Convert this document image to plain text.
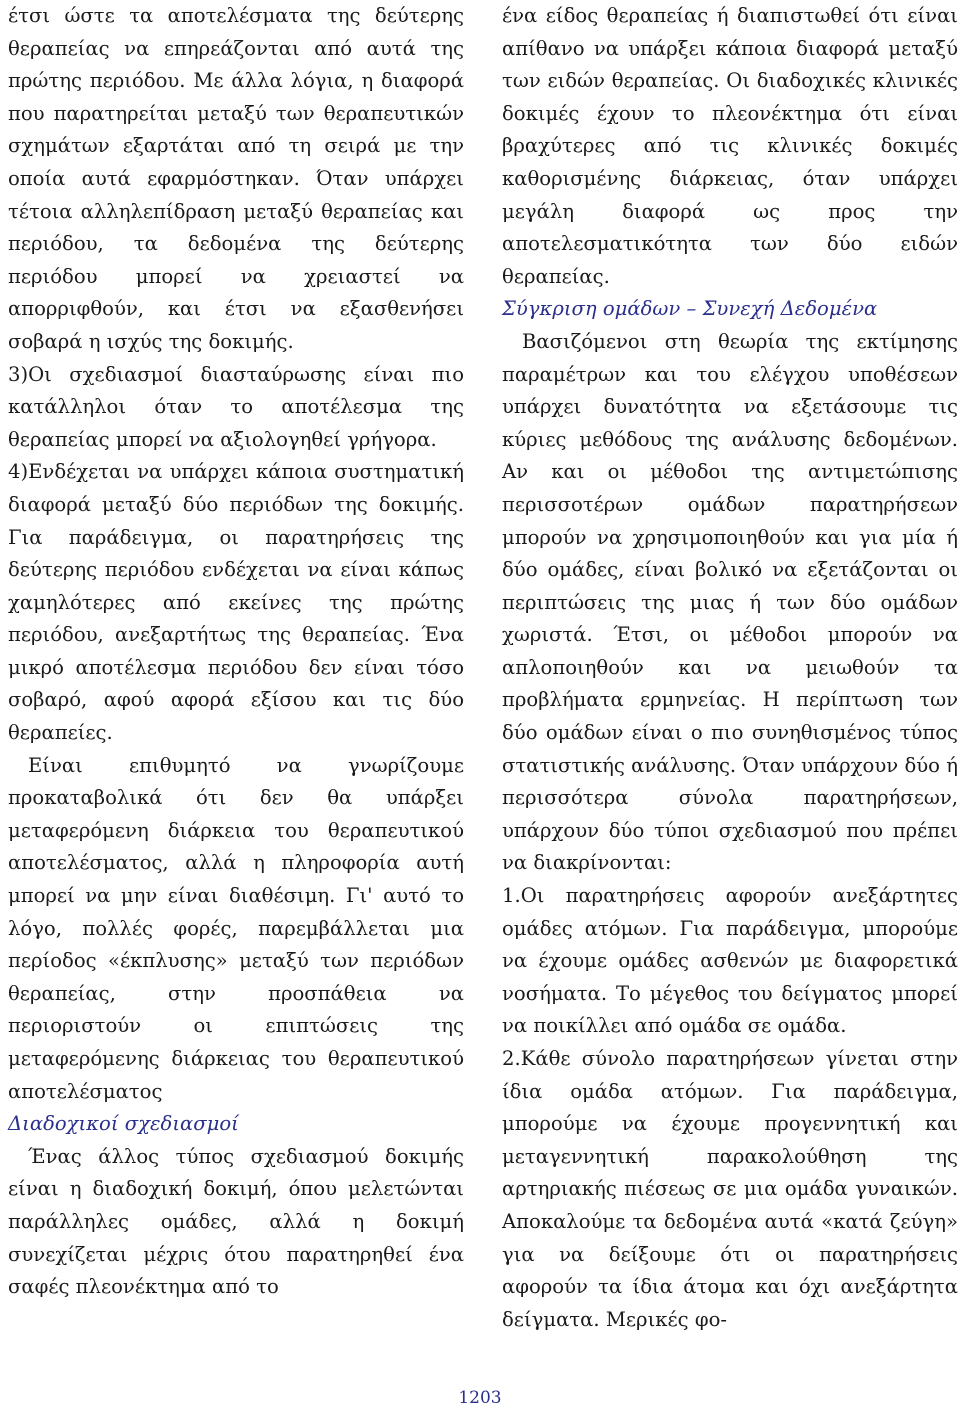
έτσι ώστε τα αποτελέσματα της δεύτερης θεραπείας να επηρεάζονται από αυτά της πρώτης περιόδου. Με άλλα λόγια, η διαφορά που παρατηρείται μεταξύ των θεραπευτικών σχημάτων εξαρτάται από τη σειρά με την οποία αυτά εφαρμόστηκαν. Όταν υπάρχει τέτοια αλληλεπίδραση μεταξύ θεραπείας και περιόδου, τα δεδομένα της δεύτερης περιόδου μπορεί να χρειαστεί να απορριφθούν, και έτσι να εξασθενήσει σοβαρά η ισχύς της δοκιμής.

3)Οι σχεδιασμοί διασταύρωσης είναι πιο κατάλληλοι όταν το αποτέλεσμα της θεραπείας μπορεί να αξιολογηθεί γρήγορα.

4)Ενδέχεται να υπάρχει κάποια συστηματική διαφορά μεταξύ δύο περιόδων της δοκιμής. Για παράδειγμα, οι παρατηρήσεις της δεύτερης περιόδου ενδέχεται να είναι κάπως χαμηλότερες από εκείνες της πρώτης περιόδου, ανεξαρτήτως της θεραπείας. Ένα μικρό αποτέλεσμα περιόδου δεν είναι τόσο σοβαρό, αφού αφορά εξίσου και τις δύο θεραπείες.

Είναι επιθυμητό να γνωρίζουμε προκαταβολικά ότι δεν θα υπάρξει μεταφερόμενη διάρκεια του θεραπευτικού αποτελέσματος, αλλά η πληροφορία αυτή μπορεί να μην είναι διαθέσιμη. Γι' αυτό το λόγο, πολλές φορές, παρεμβάλλεται μια περίοδος «έκπλυσης» μεταξύ των περιόδων θεραπείας, στην προσπάθεια να περιοριστούν οι επιπτώσεις της μεταφερόμενης διάρκειας του θεραπευτικού αποτελέσματος

Διαδοχικοί σχεδιασμοί

Ένας άλλος τύπος σχεδιασμού δοκιμής είναι η διαδοχική δοκιμή, όπου μελετώνται παράλληλες ομάδες, αλλά η δοκιμή συνεχίζεται μέχρις ότου παρατηρηθεί ένα σαφές πλεονέκτημα από το

ένα είδος θεραπείας ή διαπιστωθεί ότι είναι απίθανο να υπάρξει κάποια διαφορά μεταξύ των ειδών θεραπείας. Οι διαδοχικές κλινικές δοκιμές έχουν το πλεονέκτημα ότι είναι βραχύτερες από τις κλινικές δοκιμές καθορισμένης διάρκειας, όταν υπάρχει μεγάλη διαφορά ως προς την αποτελεσματικότητα των δύο ειδών θεραπείας.

Σύγκριση ομάδων – Συνεχή Δεδομένα

Βασιζόμενοι στη θεωρία της εκτίμησης παραμέτρων και του ελέγχου υποθέσεων υπάρχει δυνατότητα να εξετάσουμε τις κύριες μεθόδους της ανάλυσης δεδομένων. Αν και οι μέθοδοι της αντιμετώπισης περισσοτέρων ομάδων παρατηρήσεων μπορούν να χρησιμοποιηθούν και για μία ή δύο ομάδες, είναι βολικό να εξετάζονται οι περιπτώσεις της μιας ή των δύο ομάδων χωριστά. Έτσι, οι μέθοδοι μπορούν να απλοποιηθούν και να μειωθούν τα προβλήματα ερμηνείας. Η περίπτωση των δύο ομάδων είναι ο πιο συνηθισμένος τύπος στατιστικής ανάλυσης. Όταν υπάρχουν δύο ή περισσότερα σύνολα παρατηρήσεων, υπάρχουν δύο τύποι σχεδιασμού που πρέπει να διακρίνονται:

1.Οι παρατηρήσεις αφορούν ανεξάρτητες ομάδες ατόμων. Για παράδειγμα, μπορούμε να έχουμε ομάδες ασθενών με διαφορετικά νοσήματα. Το μέγεθος του δείγματος μπορεί να ποικίλλει από ομάδα σε ομάδα.

2.Κάθε σύνολο παρατηρήσεων γίνεται στην ίδια ομάδα ατόμων. Για παράδειγμα, μπορούμε να έχουμε προγεννητική και μεταγεννητική παρακολούθηση της αρτηριακής πιέσεως σε μια ομάδα γυναικών. Αποκαλούμε τα δεδομένα αυτά «κατά ζεύγη» για να δείξουμε ότι οι παρατηρήσεις αφορούν τα ίδια άτομα και όχι ανεξάρτητα δείγματα. Μερικές φο-

1203
